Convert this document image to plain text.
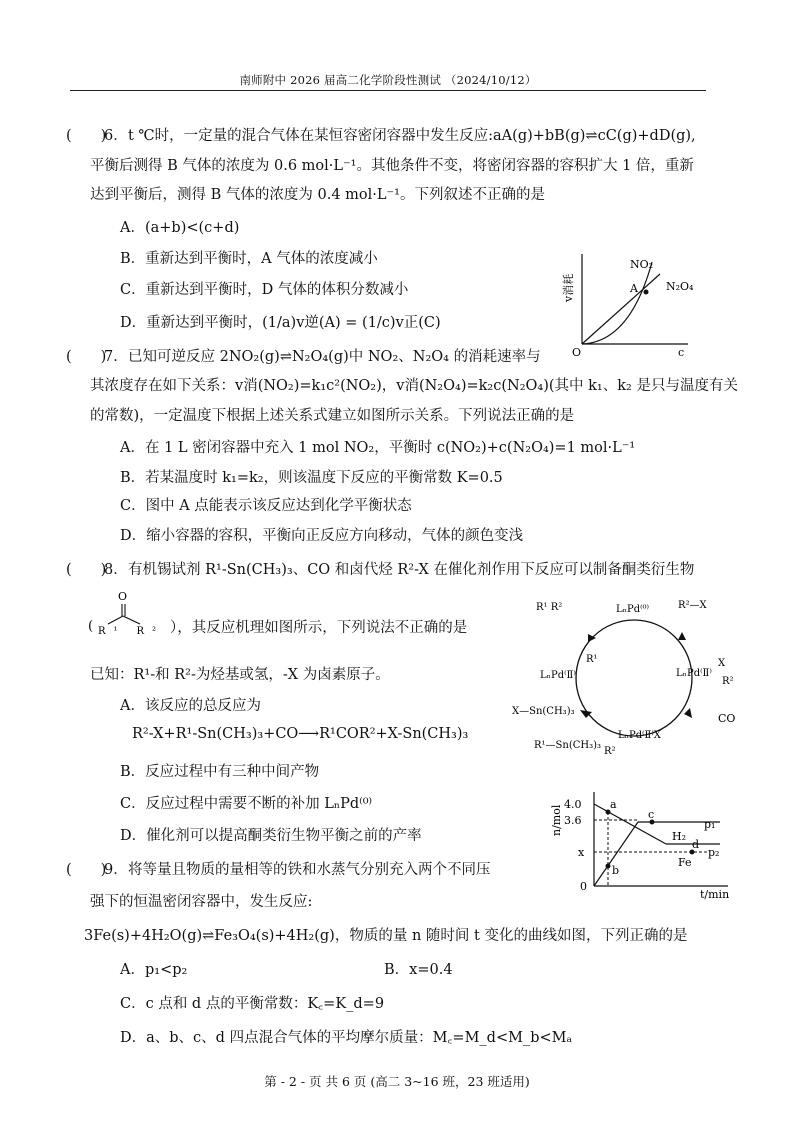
南师附中 2026 届高二化学阶段性测试 （2024/10/12）
(　　)
6． t ℃时，一定量的混合气体在某恒容密闭容器中发生反应:aA(g)+bB(g)⇌cC(g)+dD(g),
平衡后测得 B 气体的浓度为 0.6 mol·L⁻¹。其他条件不变，将密闭容器的容积扩大 1 倍，重新
达到平衡后，测得 B 气体的浓度为 0.4 mol·L⁻¹。下列叙述不正确的是
A．(a+b)<(c+d)
B．重新达到平衡时，A 气体的浓度减小
C．重新达到平衡时，D 气体的体积分数减小
D．重新达到平衡时，(1/a)v逆(A) = (1/c)v正(C)
A
NO₂
N₂O₄
O	c
v消耗
(　　)
7． 已知可逆反应 2NO₂(g)⇌N₂O₄(g)中 NO₂、N₂O₄ 的消耗速率与
其浓度存在如下关系：v消(NO₂)=k₁c²(NO₂)，v消(N₂O₄)=k₂c(N₂O₄)(其中 k₁、k₂ 是只与温度有关
的常数)，一定温度下根据上述关系式建立如图所示关系。下列说法正确的是
A．在 1 L 密闭容器中充入 1 mol NO₂，平衡时 c(NO₂)+c(N₂O₄)=1 mol·L⁻¹
B．若某温度时 k₁=k₂，则该温度下反应的平衡常数 K=0.5
C．图中 A 点能表示该反应达到化学平衡状态
D．缩小容器的容积，平衡向正反应方向移动，气体的颜色变浅
(　　)
8． 有机锡试剂 R¹-Sn(CH₃)₃、CO 和卤代烃 R²-X 在催化剂作用下反应可以制备酮类衍生物
(
O
R¹ R² ），其反应机理如图所示，下列说法不正确的是
已知：R¹-和 R²-为烃基或氢，-X 为卤素原子。
A．该反应的总反应为
R²-X+R¹-Sn(CH₃)₃+CO⟶R¹COR²+X-Sn(CH₃)₃
B．反应过程中有三种中间产物
C．反应过程中需要不断的补加 LₙPd⁽⁰⁾
D．催化剂可以提高酮类衍生物平衡之前的产率
R¹ R²	LₙPd⁽⁰⁾	R²—X
LₙPd⁽Ⅱ⁾
X
R²
CO
LₙPd⁽Ⅱ⁾X
R²
LₙPd⁽Ⅱ⁾
R¹
X—Sn(CH₃)₃
R¹—Sn(CH₃)₃
a
b
c
d
H₂
Fe
p₁
p₂
4.0
3.6
x
0
t/min
n/mol
(　　)
9． 将等量且物质的量相等的铁和水蒸气分别充入两个不同压
强下的恒温密闭容器中，发生反应:
3Fe(s)+4H₂O(g)⇌Fe₃O₄(s)+4H₂(g)，物质的量 n 随时间 t 变化的曲线如图，下列正确的是
A．p₁<p₂	B．x=0.4
C．c 点和 d 点的平衡常数：K꜀=K_d=9
D．a、b、c、d 四点混合气体的平均摩尔质量：M꜀=M_d<M_b<Mₐ
第 - 2 - 页 共 6 页 (高二 3~16 班，23 班适用)
